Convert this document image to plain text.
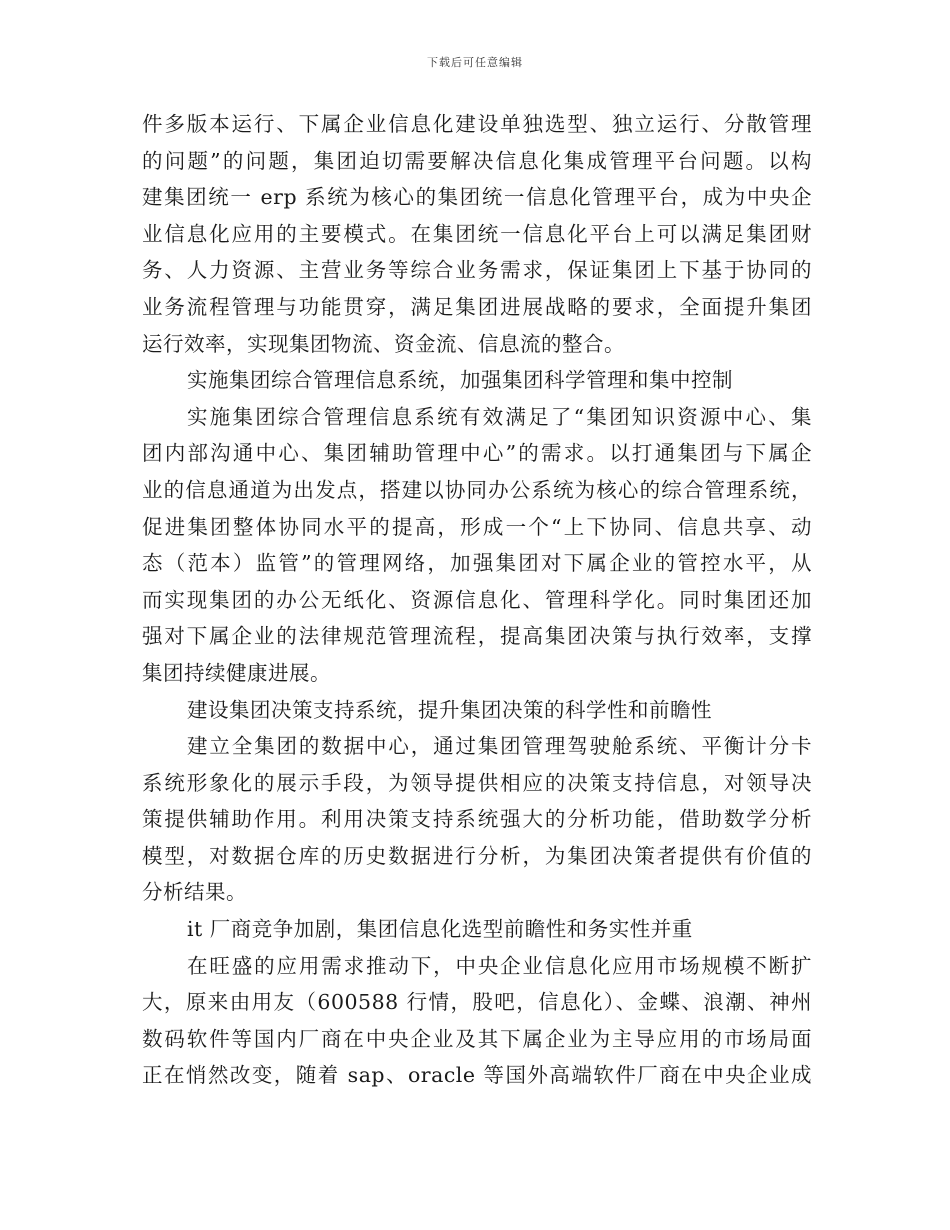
下载后可任意编辑
件多版本运行、下属企业信息化建设单独选型、独立运行、分散管理
的问题”的问题，集团迫切需要解决信息化集成管理平台问题。以构
建集团统一 erp 系统为核心的集团统一信息化管理平台，成为中央企
业信息化应用的主要模式。在集团统一信息化平台上可以满足集团财
务、人力资源、主营业务等综合业务需求，保证集团上下基于协同的
业务流程管理与功能贯穿，满足集团进展战略的要求，全面提升集团
运行效率，实现集团物流、资金流、信息流的整合。
实施集团综合管理信息系统，加强集团科学管理和集中控制
实施集团综合管理信息系统有效满足了“集团知识资源中心、集
团内部沟通中心、集团辅助管理中心”的需求。以打通集团与下属企
业的信息通道为出发点，搭建以协同办公系统为核心的综合管理系统，
促进集团整体协同水平的提高，形成一个“上下协同、信息共享、动
态（范本）监管”的管理网络，加强集团对下属企业的管控水平，从
而实现集团的办公无纸化、资源信息化、管理科学化。同时集团还加
强对下属企业的法律规范管理流程，提高集团决策与执行效率，支撑
集团持续健康进展。
建设集团决策支持系统，提升集团决策的科学性和前瞻性
建立全集团的数据中心，通过集团管理驾驶舱系统、平衡计分卡
系统形象化的展示手段，为领导提供相应的决策支持信息，对领导决
策提供辅助作用。利用决策支持系统强大的分析功能，借助数学分析
模型，对数据仓库的历史数据进行分析，为集团决策者提供有价值的
分析结果。
it 厂商竞争加剧，集团信息化选型前瞻性和务实性并重
在旺盛的应用需求推动下，中央企业信息化应用市场规模不断扩
大，原来由用友（600588 行情，股吧，信息化）、金蝶、浪潮、神州
数码软件等国内厂商在中央企业及其下属企业为主导应用的市场局面
正在悄然改变，随着 sap、oracle 等国外高端软件厂商在中央企业成
